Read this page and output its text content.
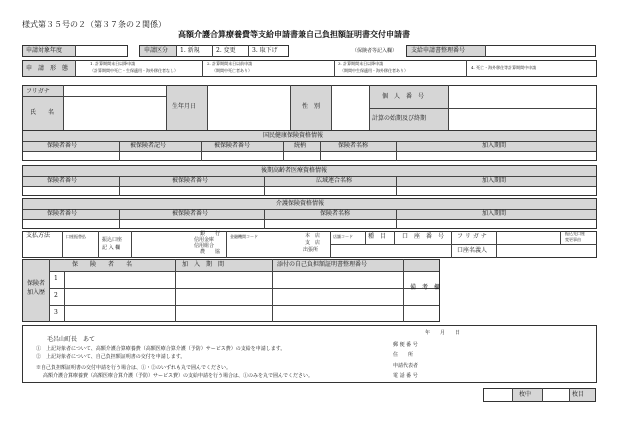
様式第３５号の２（第３７条の２関係）
高額介護合算療養費等支給申請書兼自己負担額証明書交付申請書
申請対象年度	申請区分 1. 新規	2. 変更	3. 取下げ	（保険者等記入欄） 支給申請書整理番号
申　請　形　態
1. 計算期間末日以降申請
（計算期間中死亡・生保適用・海外移住者なし）
2. 計算期間末日以前申請
（期間中死亡者あり）
3. 計算期間末日以降申請
（期間中生保適用・海外移住者あり）
4. 死亡・海外移住等計算期間中申請
フリガナ
氏　　名
生年月日	性　別
個　人　番　号
計算の始期及び終期
国民健康保険資格情報
保険者番号	被保険者記号	被保険者番号	続柄	保険者名称	加入期間
後期高齢者医療資格情報
保険者番号	被保険者番号	広域連合名称	加入期間
介護保険資格情報
保険者番号	被保険者番号	保険者名称	加入期間
支払方法	口座振替払
振込口座
記 入 欄
銀　　行
信用金庫
信用組合
農　　協
金融機関コード	本　店
支　店
出張所
店舗コード	種　目	口　座　番　号 フ リ ガ ナ
口座名義人
振込先口座
変更事由
保険者
加入歴
1
2
3
保　　険　　者　　名	加　入　期　間	添付の自己負担額証明書整理番号
備　考　欄
年　　月　　日
毛呂山町長　あて
①　上記対象者について、高額介護合算療養費（高額医療合算介護（予防）サービス費）の支給を申請します。
②　上記対象者について、自己負担額証明書の交付を申請します。
※自己負担額証明書の交付申請を行う場合は、①・②のいずれも丸で囲んでください。
高額介護合算療養費（高額医療合算介護（予防）サービス費）の支給申請を行う場合は、①のみを丸で囲んでください。
郵 便 番 号
住　　所
申請代表者
電 話 番 号
枚中	枚目
